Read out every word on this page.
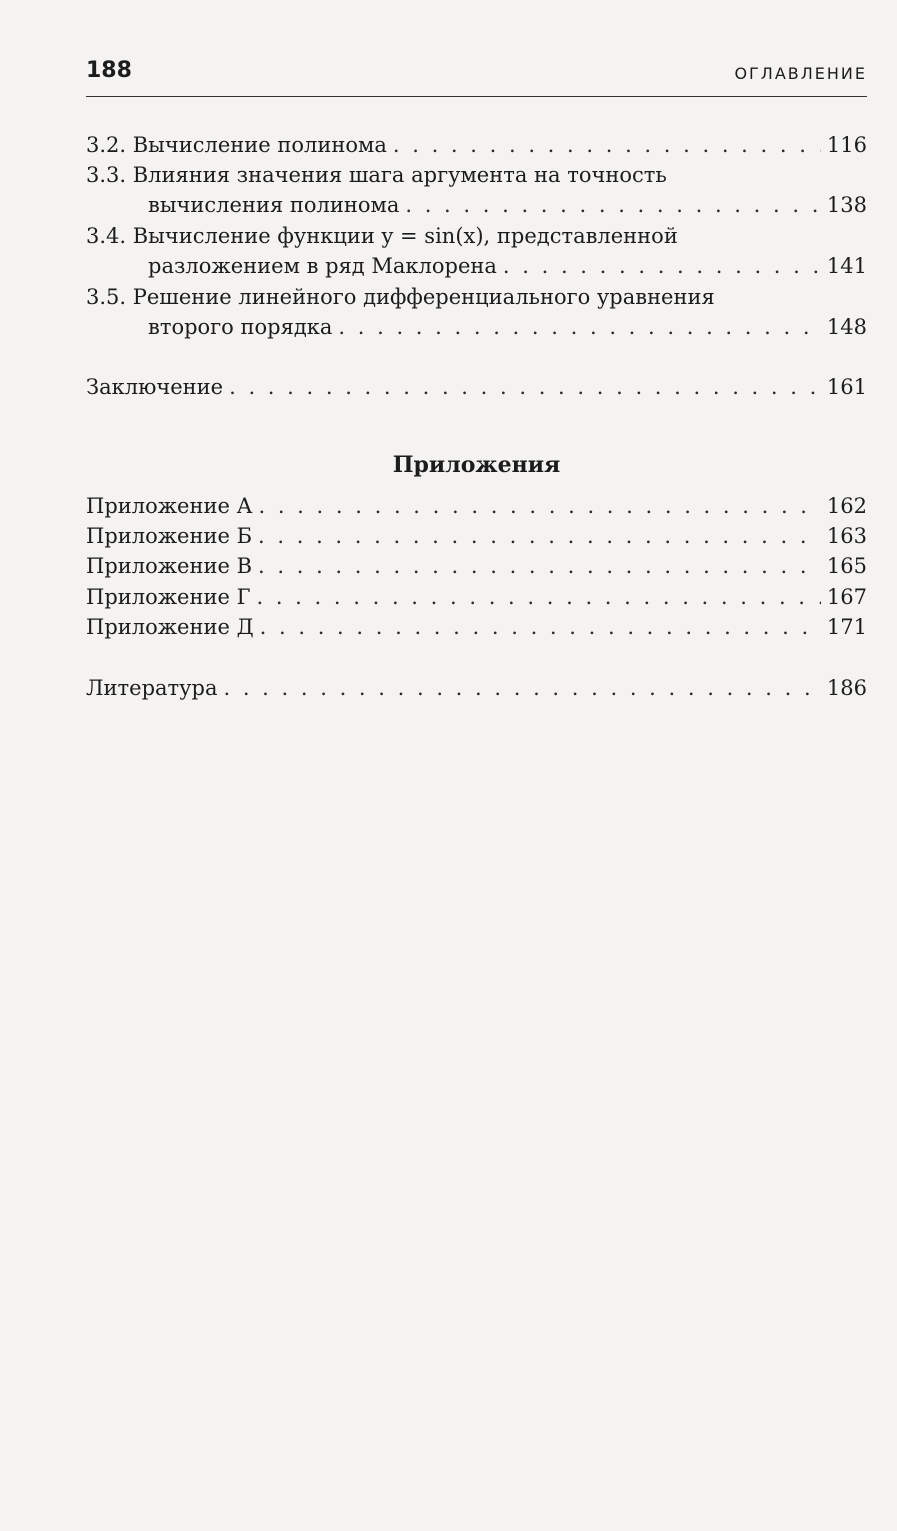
188	ОГЛАВЛЕНИЕ
3.2. Вычисление полинома . . .	116
3.3. Влияния значения шага аргумента на точность
вычисления полинома . . .	138
3.4. Вычисление функции y = sin(x), представленной
разложением в ряд Маклорена . . .	141
3.5. Решение линейного дифференциального уравнения
второго порядка . . .	148
Заключение . . .	161
Приложение А . . .	162
Приложение Б . . .	163
Приложение В . . .	165
Приложение Г . . .	167
Приложение Д . . .	171
Литература . . .	186
Приложения
